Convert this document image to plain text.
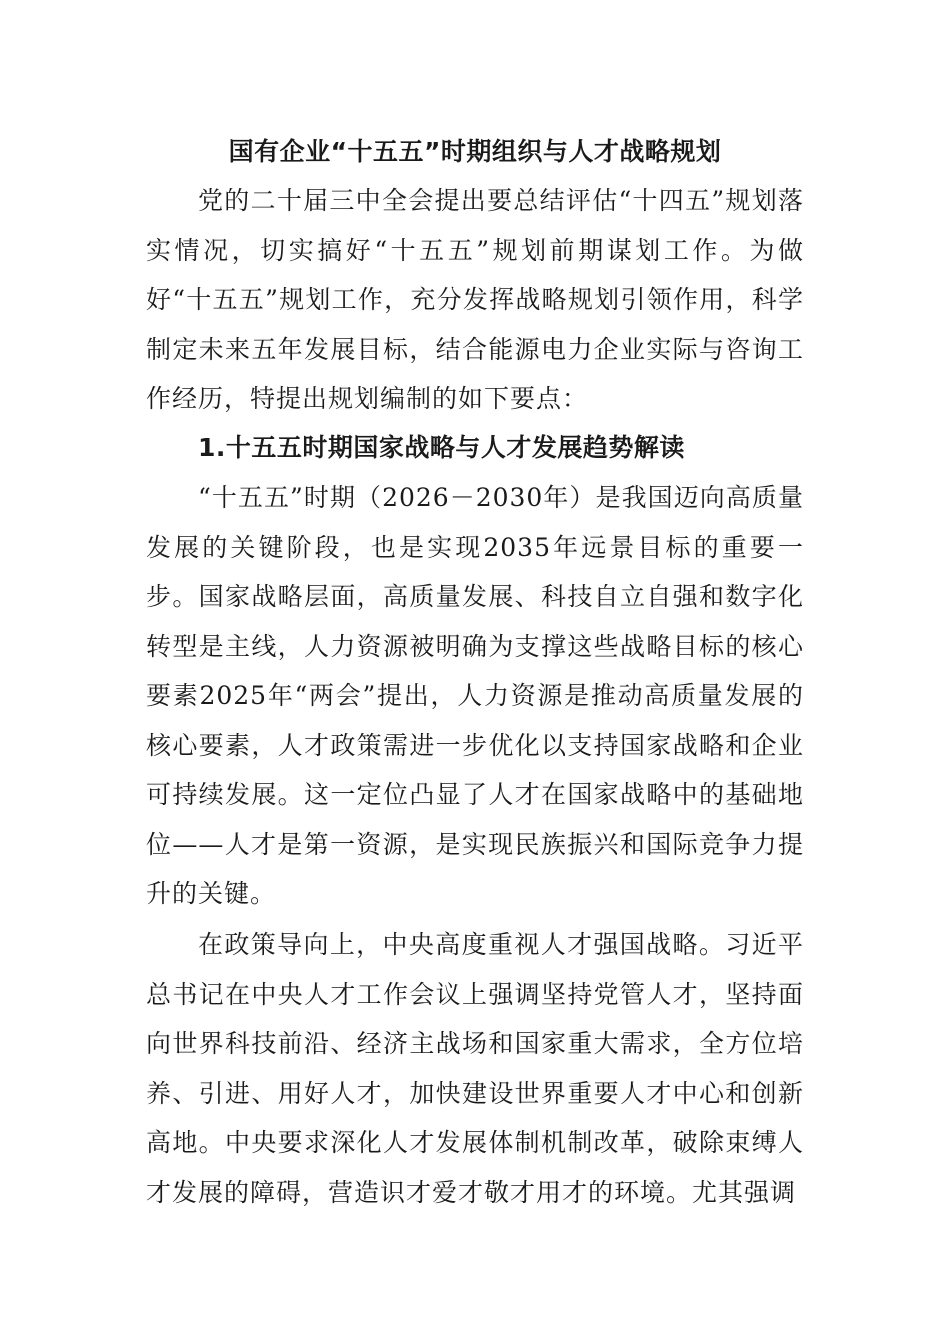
国有企业“十五五”时期组织与人才战略规划

党的二十届三中全会提出要总结评估“十四五”规划落实情况，切实搞好“十五五”规划前期谋划工作。为做好“十五五”规划工作，充分发挥战略规划引领作用，科学制定未来五年发展目标，结合能源电力企业实际与咨询工作经历，特提出规划编制的如下要点：

1.十五五时期国家战略与人才发展趋势解读

“十五五”时期（2026－2030年）是我国迈向高质量发展的关键阶段，也是实现2035年远景目标的重要一步。国家战略层面，高质量发展、科技自立自强和数字化转型是主线，人力资源被明确为支撑这些战略目标的核心要素2025年“两会”提出，人力资源是推动高质量发展的核心要素，人才政策需进一步优化以支持国家战略和企业可持续发展。这一定位凸显了人才在国家战略中的基础地位——人才是第一资源，是实现民族振兴和国际竞争力提升的关键。

在政策导向上，中央高度重视人才强国战略。习近平总书记在中央人才工作会议上强调坚持党管人才，坚持面向世界科技前沿、经济主战场和国家重大需求，全方位培养、引进、用好人才，加快建设世界重要人才中心和创新高地。中央要求深化人才发展体制机制改革，破除束缚人才发展的障碍，营造识才爱才敬才用才的环境。尤其强调
